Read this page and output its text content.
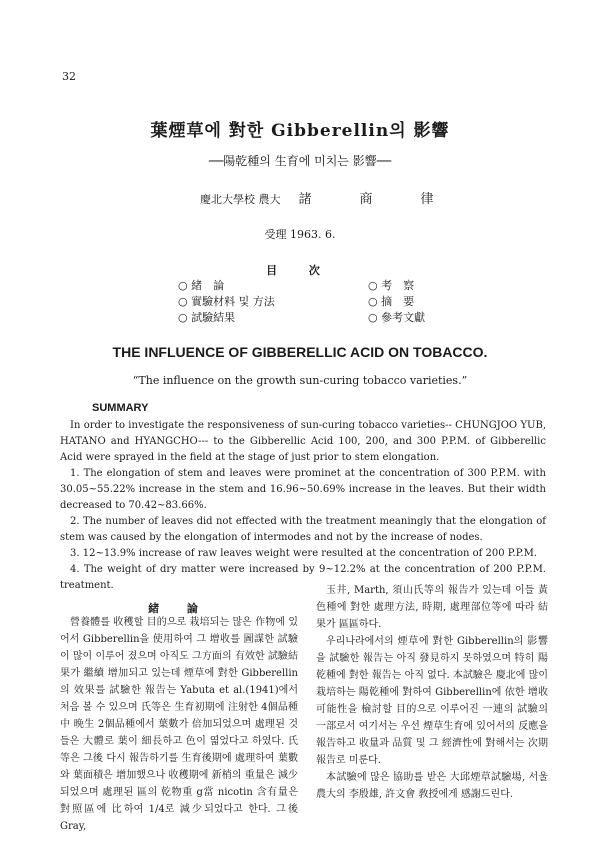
32
葉煙草에 對한 Gibberellin의 影響
──陽乾種의 生育에 미치는 影響──
慶北大學校 農大 諸	商	律
受理 1963. 6.
目 次
○ 緒　論
○ 實驗材料 및 方法
○ 試驗結果
○ 考　察
○ 摘　要
○ 參考文獻
THE INFLUENCE OF GIBBERELLIC ACID ON TOBACCO.
“The influence on the growth sun-curing tobacco varieties.”
SUMMARY

In order to investigate the responsiveness of sun-curing tobacco varieties-- CHUNGJOO YUB, HATANO and HYANGCHO--- to the Gibberellic Acid 100, 200, and 300 P.P.M. of Gibberellic Acid were sprayed in the field at the stage of just prior to stem elongation.

1. The elongation of stem and leaves were prominet at the concentration of 300 P.P.M. with 30.05~55.22% increase in the stem and 16.96~50.69% increase in the leaves. But their width decreased to 70.42~83.66%.

2. The number of leaves did not effected with the treatment meaningly that the elongation of stem was caused by the elongation of intermodes and not by the increase of nodes.

3. 12~13.9% increase of raw leaves weight were resulted at the concentration of 200 P.P.M.

4. The weight of dry matter were increased by 9~12.2% at the concentration of 200 P.P.M. treatment.

緒 論

營養體를 收穫할 目的으로 栽培되는 많은 作物에 있어서 Gibberellin을 使用하여 그 增收를 圖謀한 試驗이 많이 이루어 졌으며 아직도 그方面의 有效한 試驗結果가 繼續 增加되고 있는데 煙草에 對한 Gibberellin의 效果를 試驗한 報告는 Yabuta et al.(1941)에서 처음 볼 수 있으며 氏等은 生育初期에 注射한 4個品種中 晩生 2個品種에서 葉數가 倍加되었으며 處理된 것들은 大體로 葉이 細長하고 色이 엷었다고 하였다. 氏等은 그後 다시 報告하기를 生育後期에 處理하여 葉數와 葉面積은 增加했으나 收穫期에 新梢의 重量은 減少되었으며 處理된 區의 乾物重 g當 nicotin 含有量은 對照區에 比하여 1/4로 減少되었다고 한다. 그後 Gray,

玉井, Marth, 須山氏等의 報告가 있는데 이들 黃色種에 對한 處理方法, 時期, 處理部位等에 따라 結果가 區區하다.

우리나라에서의 煙草에 對한 Gibberellin의 影響을 試驗한 報告는 아직 發見하지 못하였으며 特히 陽乾種에 對한 報告는 아직 없다. 本試驗은 慶北에 많이 栽培하는 陽乾種에 對하여 Gibberellin에 依한 增收可能性을 檢討할 目的으로 이루어진 一連의 試驗의 一部로서 여기서는 우선 煙草生育에 있어서의 反應을 報告하고 收量과 品質 및 그 經濟性에 對해서는 次期報告로 미룬다.

本試驗에 많은 協助를 받은 大邱煙草試驗場, 서울農大의 李殷雄, 許文會 敎授에게 感謝드린다.
